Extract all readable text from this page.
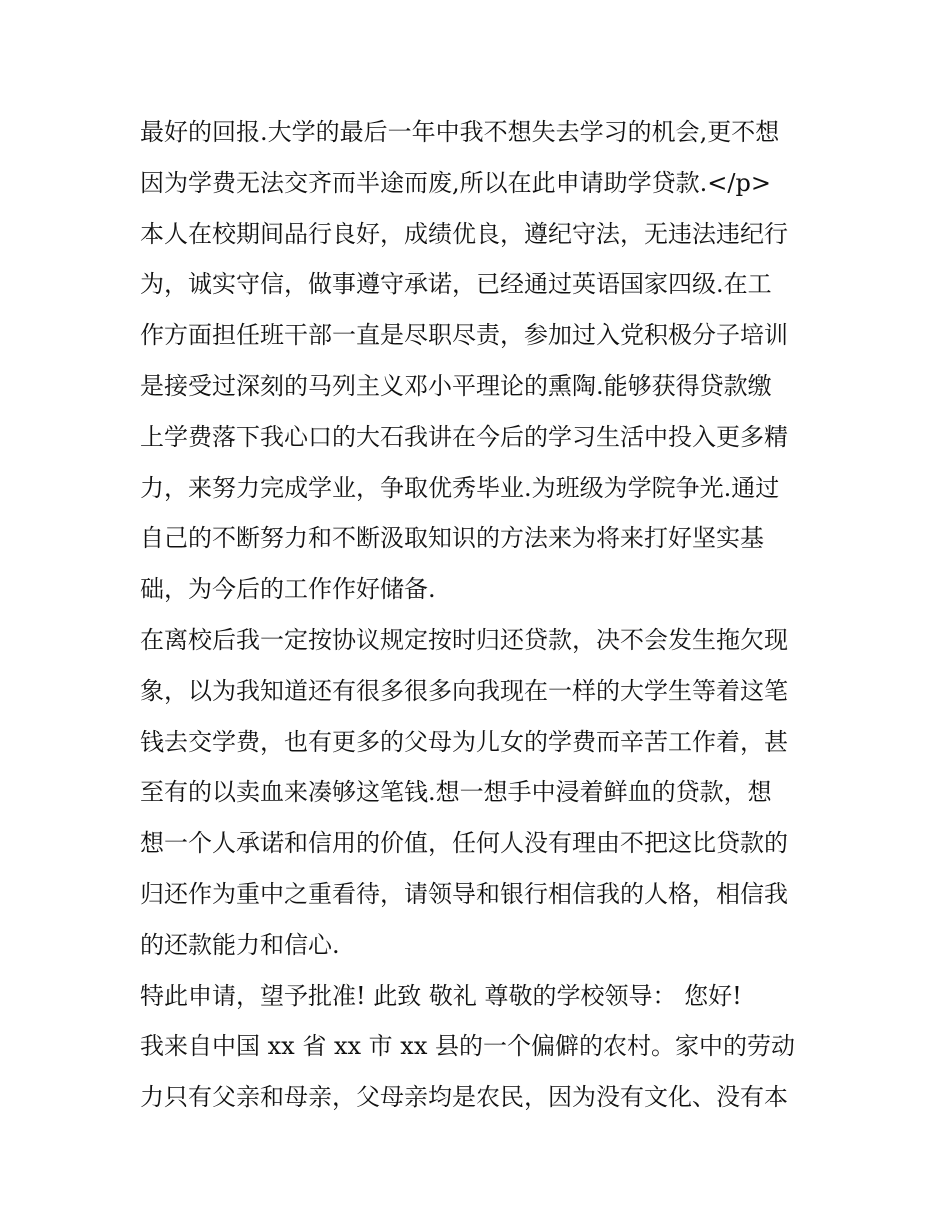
最好的回报.大学的最后一年中我不想失去学习的机会,更不想
因为学费无法交齐而半途而废,所以在此申请助学贷款.</p>
本人在校期间品行良好，成绩优良，遵纪守法，无违法违纪行
为，诚实守信，做事遵守承诺，已经通过英语国家四级.在工
作方面担任班干部一直是尽职尽责，参加过入党积极分子培训
是接受过深刻的马列主义邓小平理论的熏陶.能够获得贷款缴
上学费落下我心口的大石我讲在今后的学习生活中投入更多精
力，来努力完成学业，争取优秀毕业.为班级为学院争光.通过
自己的不断努力和不断汲取知识的方法来为将来打好坚实基
础，为今后的工作作好储备.
在离校后我一定按协议规定按时归还贷款，决不会发生拖欠现
象，以为我知道还有很多很多向我现在一样的大学生等着这笔
钱去交学费，也有更多的父母为儿女的学费而辛苦工作着，甚
至有的以卖血来凑够这笔钱.想一想手中浸着鲜血的贷款，想
想一个人承诺和信用的价值，任何人没有理由不把这比贷款的
归还作为重中之重看待，请领导和银行相信我的人格，相信我
的还款能力和信心.
特此申请，望予批准! 此致 敬礼 尊敬的学校领导： 您好!
我来自中国 xx 省 xx 市 xx 县的一个偏僻的农村。家中的劳动
力只有父亲和母亲，父母亲均是农民，因为没有文化、没有本
